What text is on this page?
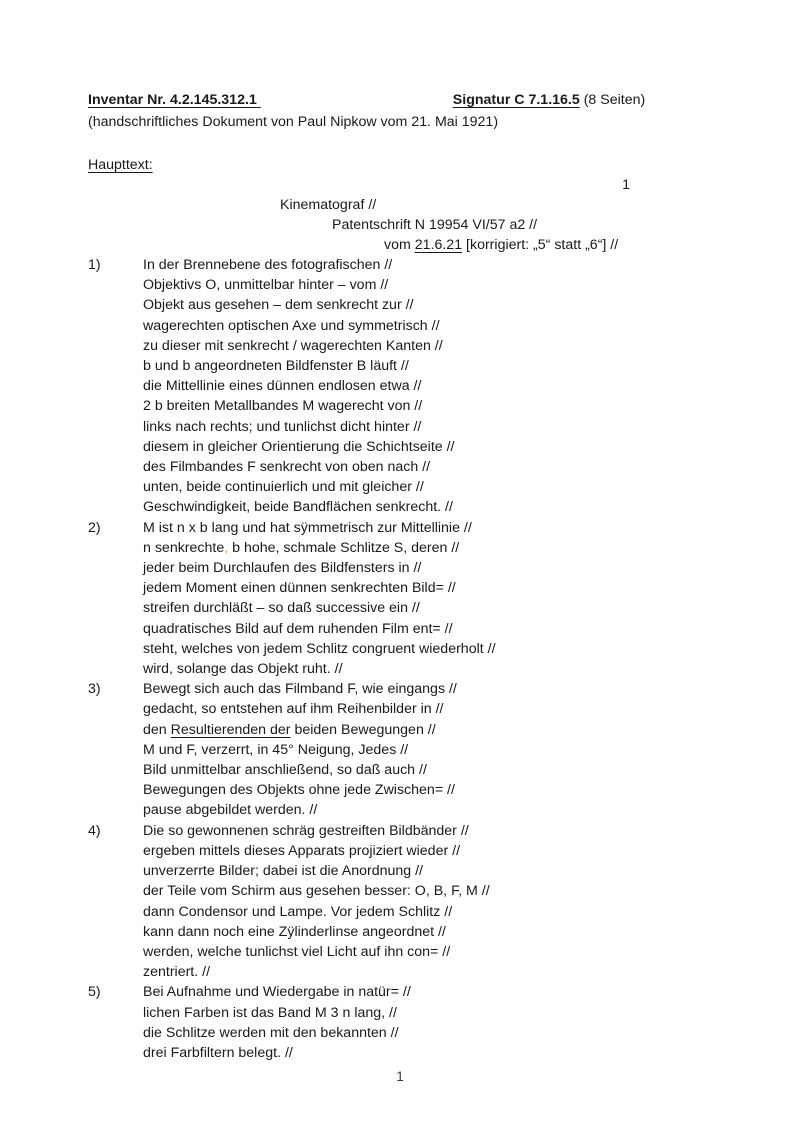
Inventar Nr.
4.2.145.312.1
	Signatur C 7.1.16.5
(8 Seiten)
(handschriftliches Dokument von Paul Nipkow vom 21. Mai 1921)
Haupttext:
1
Kinematograf //
Patentschrift N 19954 VI/57 a2 //
vom 21.6.21 [korrigiert: „5“ statt „6“] //
1)	In der Brennebene des fotografischen //
Objektivs O, unmittelbar hinter – vom //
Objekt aus gesehen – dem senkrecht zur //
wagerechten optischen Axe und symmetrisch //
zu dieser mit senkrecht / wagerechten Kanten //
b und b angeordneten Bildfenster B läuft //
die Mittellinie eines dünnen endlosen etwa //
2 b breiten Metallbandes M wagerecht von //
links nach rechts; und tunlichst dicht hinter //
diesem in gleicher Orientierung die Schichtseite //
des Filmbandes F senkrecht von oben nach //
unten, beide continuierlich und mit gleicher //
Geschwindigkeit, beide Bandflächen senkrecht. //
2)	M ist n x b lang und hat sÿmmetrisch zur Mittellinie //
n senkrechte, b hohe, schmale Schlitze S, deren //
jeder beim Durchlaufen des Bildfensters in //
jedem Moment einen dünnen senkrechten Bild= //
streifen durchläßt – so daß successive ein //
quadratisches Bild auf dem ruhenden Film ent= //
steht, welches von jedem Schlitz congruent wiederholt //
wird, solange das Objekt ruht. //
3)	Bewegt sich auch das Filmband F, wie eingangs //
gedacht, so entstehen auf ihm Reihenbilder in //
den Resultierenden der beiden Bewegungen //
M und F, verzerrt, in 45° Neigung, Jedes //
Bild unmittelbar anschließend, so daß auch //
Bewegungen des Objekts ohne jede Zwischen= //
pause abgebildet werden. //
4)	Die so gewonnenen schräg gestreiften Bildbänder //
ergeben mittels dieses Apparats projiziert wieder //
unverzerrte Bilder; dabei ist die Anordnung //
der Teile vom Schirm aus gesehen besser: O, B, F, M //
dann Condensor und Lampe. Vor jedem Schlitz //
kann dann noch eine Zÿlinderlinse angeordnet //
werden, welche tunlichst viel Licht auf ihn con= //
zentriert. //
5)	Bei Aufnahme und Wiedergabe in natür= //
lichen Farben ist das Band M 3 n lang, //
die Schlitze werden mit den bekannten //
drei Farbfiltern belegt. //
1
